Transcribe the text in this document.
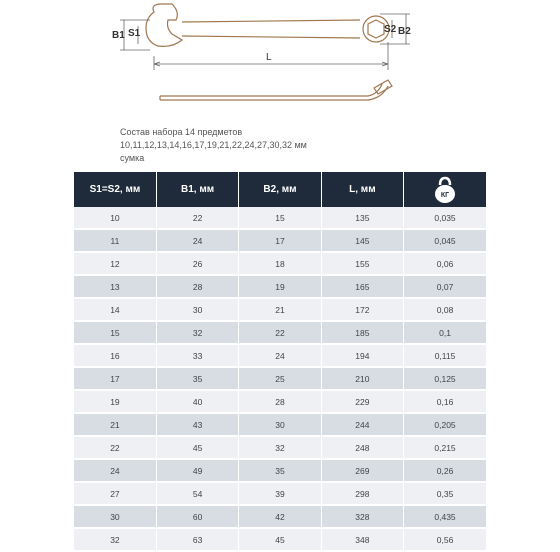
B1 S1	S2 B2
L
Состав набора 14 предметов
10,11,12,13,14,16,17,19,21,22,24,27,30,32 мм
сумка
S1=S2, мм	B1, мм	B2, мм	L, мм	КГ

10	22	15	135	0,035
11	24	17	145	0,045
12	26	18	155	0,06
13	28	19	165	0,07
14	30	21	172	0,08
15	32	22	185	0,1
16	33	24	194	0,115
17	35	25	210	0,125
19	40	28	229	0,16
21	43	30	244	0,205
22	45	32	248	0,215
24	49	35	269	0,26
27	54	39	298	0,35
30	60	42	328	0,435
32	63	45	348	0,56
